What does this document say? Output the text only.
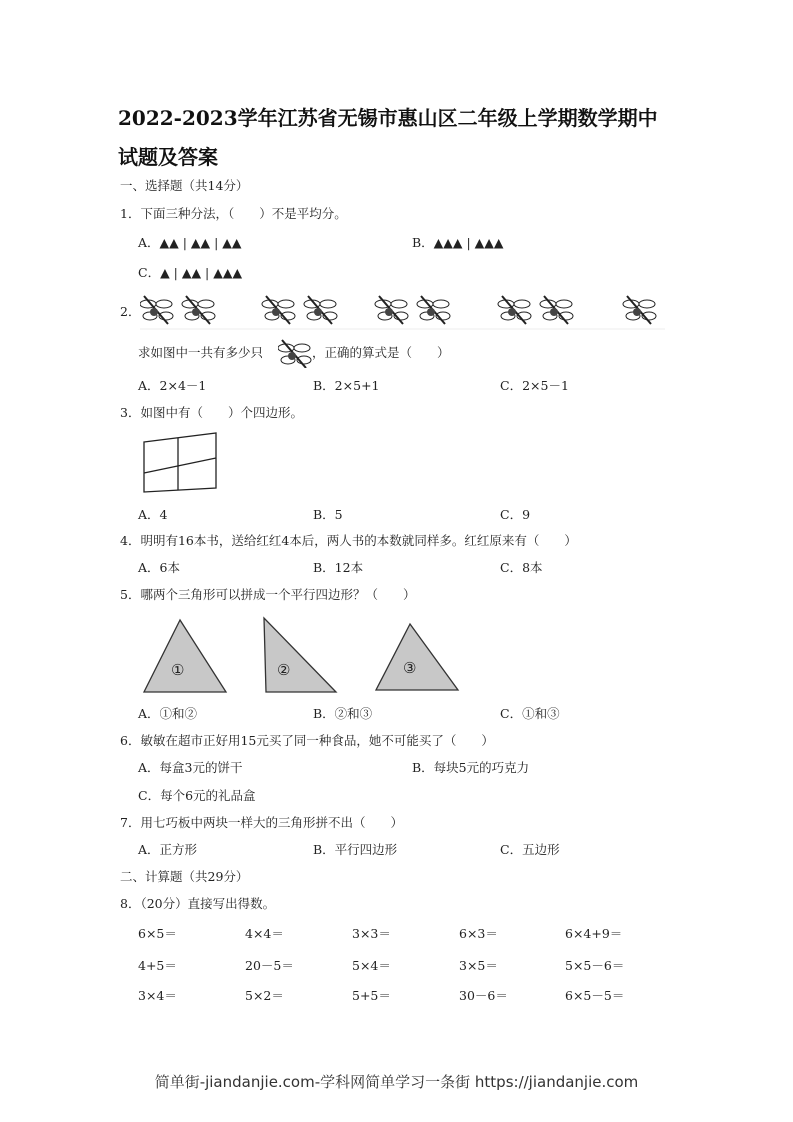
2022-2023学年江苏省无锡市惠山区二年级上学期数学期中
试题及答案
一、选择题（共14分）
1．下面三种分法，（　　）不是平均分。
A．▲▲ | ▲▲ | ▲▲	B．▲▲▲ | ▲▲▲
C．▲ | ▲▲ | ▲▲▲
2．
求如图中一共有多少只	，正确的算式是（　　）
A．2×4－1	B．2×5+1	C．2×5－1
3．如图中有（　　）个四边形。
A．4	B．5	C．9
4．明明有16本书，送给红红4本后，两人书的本数就同样多。红红原来有（　　）
A．6本	B．12本	C．8本
5．哪两个三角形可以拼成一个平行四边形？（　　）
①	②	③
A．①和②	B．②和③	C．①和③
6．敏敏在超市正好用15元买了同一种食品，她不可能买了（　　）
A．每盒3元的饼干	B．每块5元的巧克力
C．每个6元的礼品盒
7．用七巧板中两块一样大的三角形拼不出（　　）
A．正方形	B．平行四边形	C．五边形
二、计算题（共29分）
8．（20分）直接写出得数。
6×5＝	4×4＝	3×3＝	6×3＝	6×4+9＝
4+5＝	20－5＝	5×4＝	3×5＝	5×5－6＝
3×4＝	5×2＝	5+5＝	30－6＝	6×5－5＝
简单街-jiandanjie.com-学科网简单学习一条街 https://jiandanjie.com
